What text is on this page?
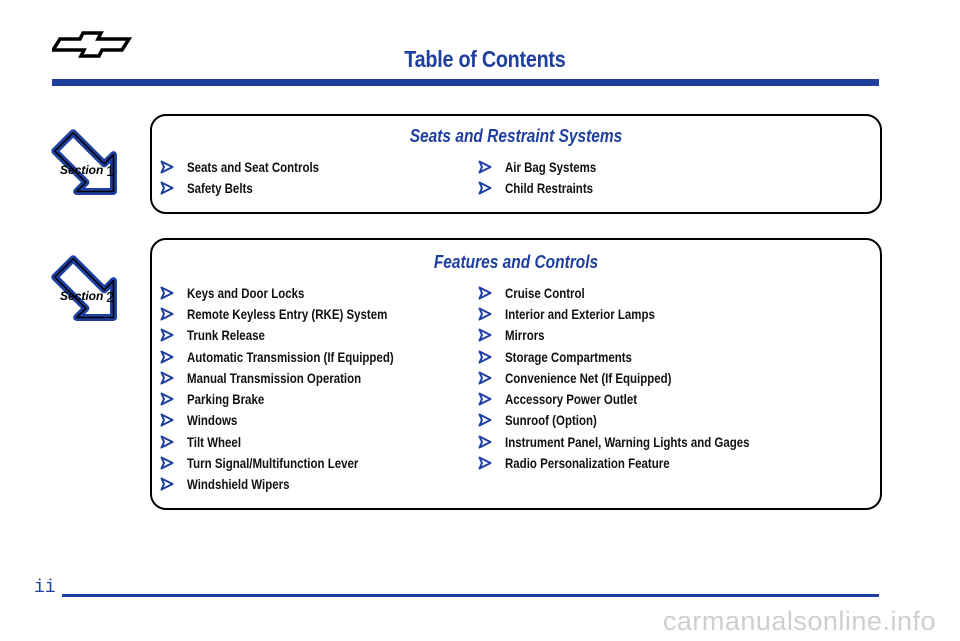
Table of Contents
Section 1
Seats and Restraint Systems
Seats and Seat Controls
Safety Belts
Air Bag Systems
Child Restraints
Section 2
Features and Controls
Keys and Door Locks
Remote Keyless Entry (RKE) System
Trunk Release
Automatic Transmission (If Equipped)
Manual Transmission Operation
Parking Brake
Windows
Tilt Wheel
Turn Signal/Multifunction Lever
Windshield Wipers
Cruise Control
Interior and Exterior Lamps
Mirrors
Storage Compartments
Convenience Net (If Equipped)
Accessory Power Outlet
Sunroof (Option)
Instrument Panel, Warning Lights and Gages
Radio Personalization Feature
ii
carmanualsonline.info
